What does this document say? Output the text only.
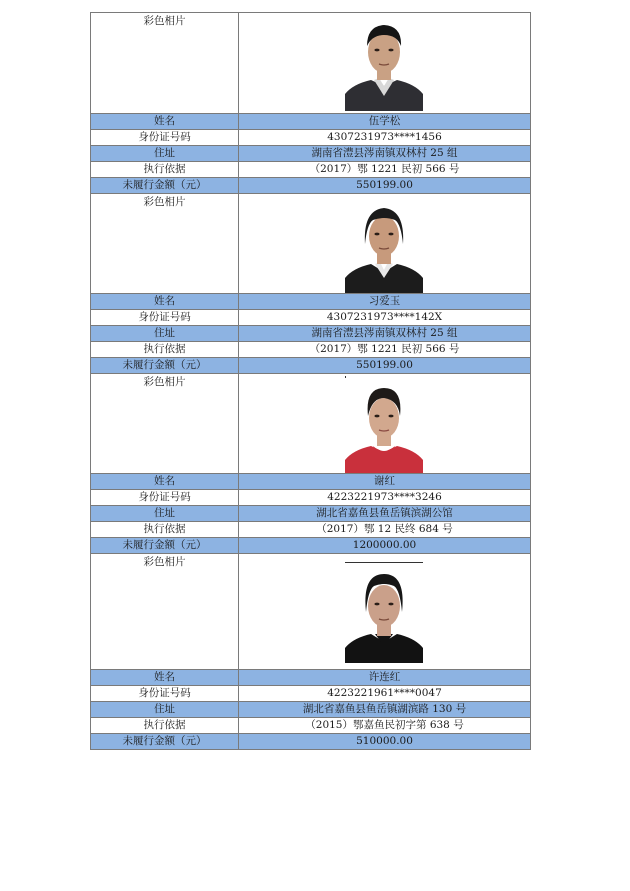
彩色相片	

姓名	伍学松
身份证号码	4307231973****1456
住址	湖南省澧县涔南镇双林村 25 组
执行依据	（2017）鄂 1221 民初 566 号
未履行金额（元）	550199.00
彩色相片	

姓名	习爱玉
身份证号码	4307231973****142X
住址	湖南省澧县涔南镇双林村 25 组
执行依据	（2017）鄂 1221 民初 566 号
未履行金额（元）	550199.00
彩色相片	

姓名	谢红
身份证号码	4223221973****3246
住址	湖北省嘉鱼县鱼岳镇滨湖公馆
执行依据	（2017）鄂 12 民终 684 号
未履行金额（元）	1200000.00
彩色相片	

姓名	许连红
身份证号码	4223221961****0047
住址	湖北省嘉鱼县鱼岳镇湖滨路 130 号
执行依据	（2015）鄂嘉鱼民初字第 638 号
未履行金额（元）	510000.00
